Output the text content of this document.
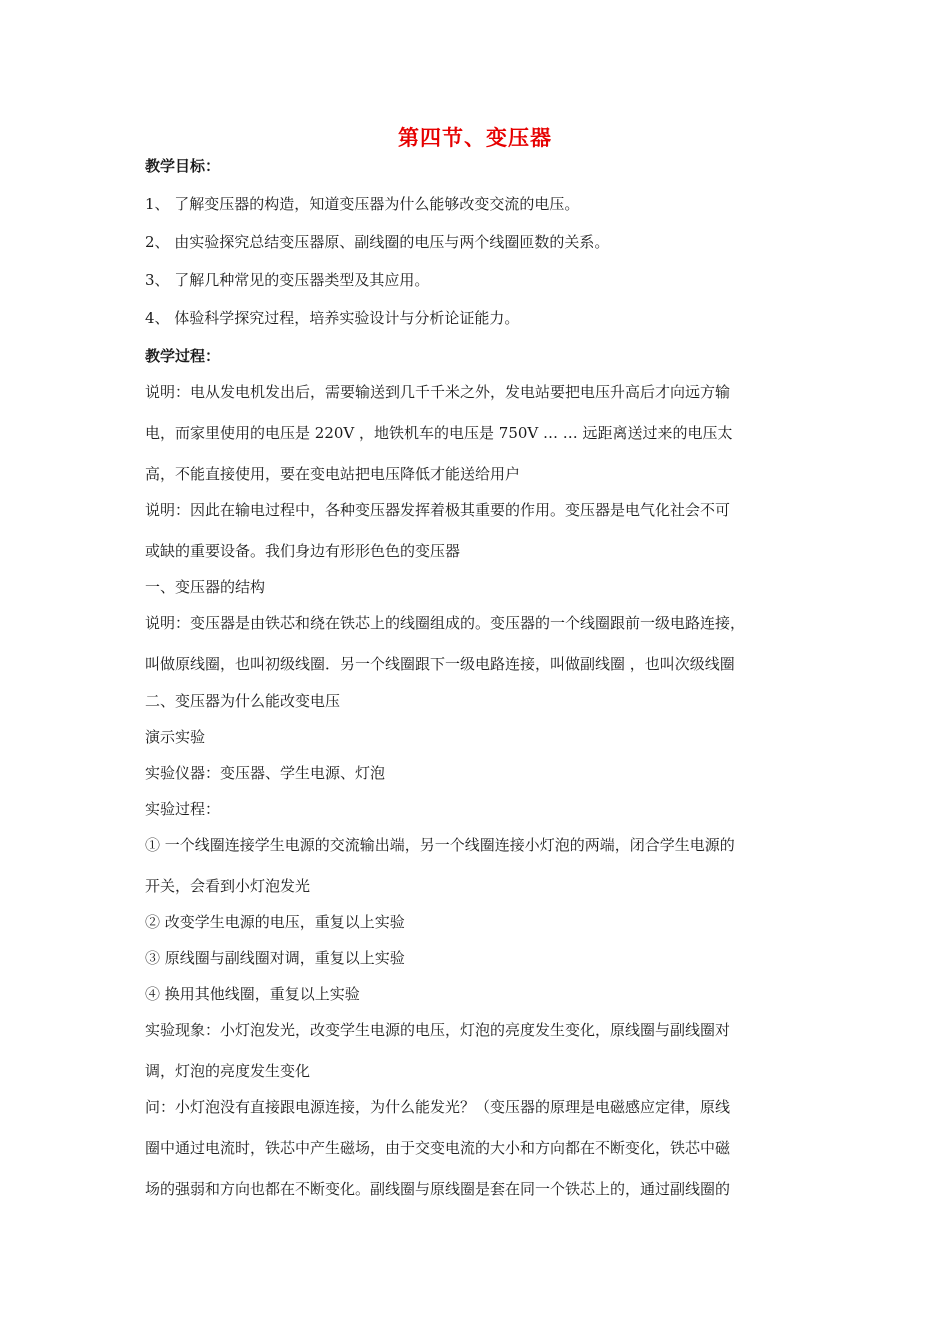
第四节、变压器
教学目标：
1、 了解变压器的构造，知道变压器为什么能够改变交流的电压。
2、 由实验探究总结变压器原、副线圈的电压与两个线圈匝数的关系。
3、 了解几种常见的变压器类型及其应用。
4、 体验科学探究过程，培养实验设计与分析论证能力。
教学过程：
说明：电从发电机发出后，需要输送到几千千米之外，发电站要把电压升高后才向远方输
电，而家里使用的电压是 220V ，地铁机车的电压是 750V … … 远距离送过来的电压太
高，不能直接使用，要在变电站把电压降低才能送给用户
说明：因此在输电过程中，各种变压器发挥着极其重要的作用。变压器是电气化社会不可
或缺的重要设备。我们身边有形形色色的变压器
一、变压器的结构
说明：变压器是由铁芯和绕在铁芯上的线圈组成的。变压器的一个线圈跟前一级电路连接，
叫做原线圈，也叫初级线圈．另一个线圈跟下一级电路连接，叫做副线圈 ，也叫次级线圈
二、变压器为什么能改变电压
演示实验
实验仪器：变压器、学生电源、灯泡
实验过程：
① 一个线圈连接学生电源的交流输出端，另一个线圈连接小灯泡的两端，闭合学生电源的
开关，会看到小灯泡发光
② 改变学生电源的电压，重复以上实验
③ 原线圈与副线圈对调，重复以上实验
④ 换用其他线圈，重复以上实验
实验现象：小灯泡发光，改变学生电源的电压，灯泡的亮度发生变化，原线圈与副线圈对
调，灯泡的亮度发生变化
问：小灯泡没有直接跟电源连接，为什么能发光？（变压器的原理是电磁感应定律，原线
圈中通过电流时，铁芯中产生磁场，由于交变电流的大小和方向都在不断变化，铁芯中磁
场的强弱和方向也都在不断变化。副线圈与原线圈是套在同一个铁芯上的，通过副线圈的
